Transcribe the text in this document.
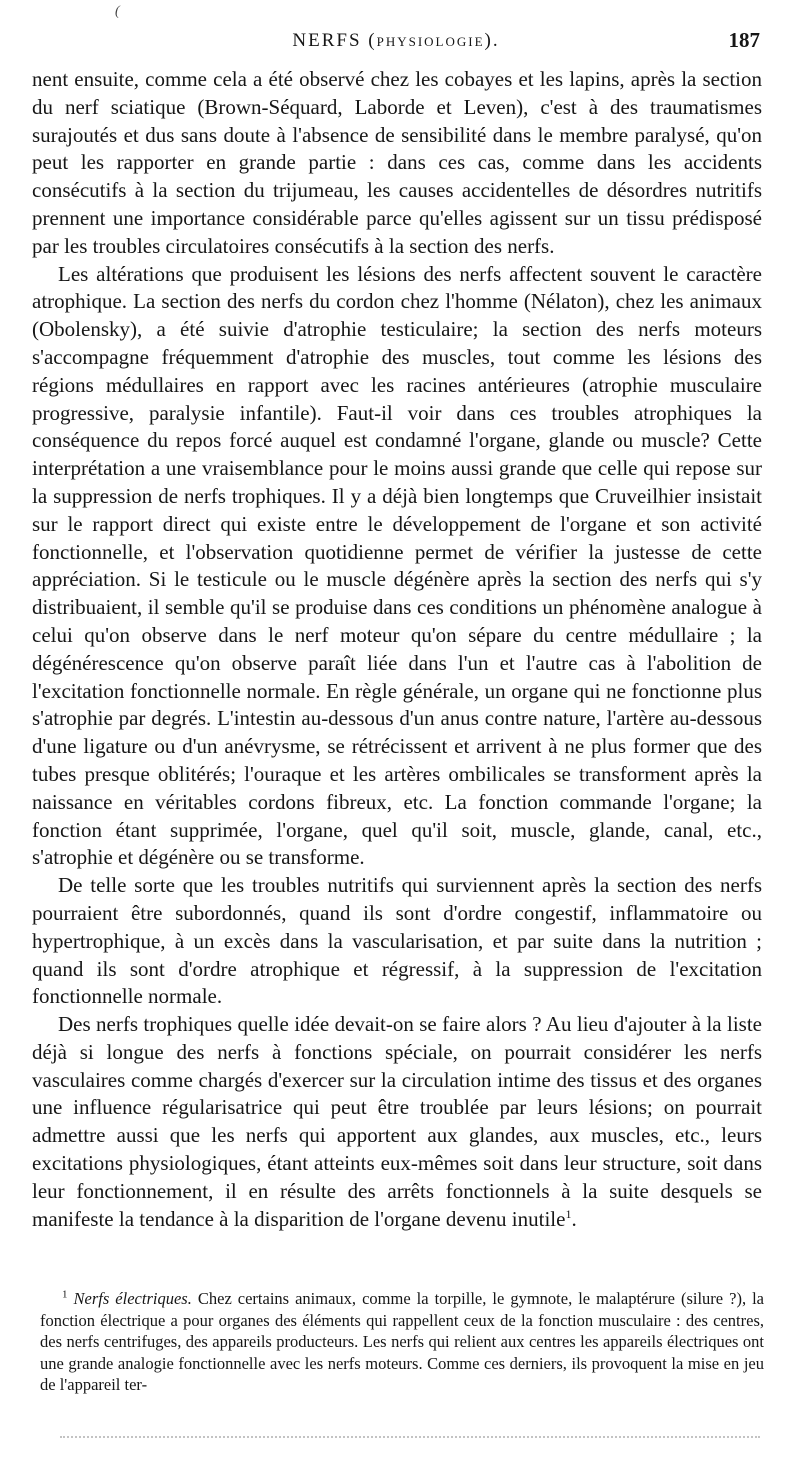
(
NERFS (PHYSIOLOGIE).	187

nent ensuite, comme cela a été observé chez les cobayes et les lapins, après la section du nerf sciatique (Brown-Séquard, Laborde et Leven), c'est à des traumatismes surajoutés et dus sans doute à l'absence de sensibilité dans le membre paralysé, qu'on peut les rapporter en grande partie : dans ces cas, comme dans les accidents consécutifs à la section du trijumeau, les causes accidentelles de désordres nutritifs prennent une importance considérable parce qu'elles agissent sur un tissu prédisposé par les troubles circulatoires consécutifs à la section des nerfs.

Les altérations que produisent les lésions des nerfs affectent souvent le caractère atrophique. La section des nerfs du cordon chez l'homme (Nélaton), chez les animaux (Obolensky), a été suivie d'atrophie testiculaire; la section des nerfs moteurs s'accompagne fréquemment d'atrophie des muscles, tout comme les lésions des régions médullaires en rapport avec les racines antérieures (atrophie musculaire progressive, paralysie infantile). Faut-il voir dans ces troubles atrophiques la conséquence du repos forcé auquel est condamné l'organe, glande ou muscle? Cette interprétation a une vraisemblance pour le moins aussi grande que celle qui repose sur la suppression de nerfs trophiques. Il y a déjà bien longtemps que Cruveilhier insistait sur le rapport direct qui existe entre le développement de l'organe et son activité fonctionnelle, et l'observation quotidienne permet de vérifier la justesse de cette appréciation. Si le testicule ou le muscle dégénère après la section des nerfs qui s'y distribuaient, il semble qu'il se produise dans ces conditions un phénomène analogue à celui qu'on observe dans le nerf moteur qu'on sépare du centre médullaire ; la dégénérescence qu'on observe paraît liée dans l'un et l'autre cas à l'abolition de l'excitation fonctionnelle normale. En règle générale, un organe qui ne fonctionne plus s'atrophie par degrés. L'intestin au-dessous d'un anus contre nature, l'artère au-dessous d'une ligature ou d'un anévrysme, se rétrécissent et arrivent à ne plus former que des tubes presque oblitérés; l'ouraque et les artères ombilicales se transforment après la naissance en véritables cordons fibreux, etc. La fonction commande l'organe; la fonction étant supprimée, l'organe, quel qu'il soit, muscle, glande, canal, etc., s'atrophie et dégénère ou se transforme.

De telle sorte que les troubles nutritifs qui surviennent après la section des nerfs pourraient être subordonnés, quand ils sont d'ordre congestif, inflammatoire ou hypertrophique, à un excès dans la vascularisation, et par suite dans la nutrition ; quand ils sont d'ordre atrophique et régressif, à la suppression de l'excitation fonctionnelle normale.

Des nerfs trophiques quelle idée devait-on se faire alors ? Au lieu d'ajouter à la liste déjà si longue des nerfs à fonctions spéciale, on pourrait considérer les nerfs vasculaires comme chargés d'exercer sur la circulation intime des tissus et des organes une influence régularisatrice qui peut être troublée par leurs lésions; on pourrait admettre aussi que les nerfs qui apportent aux glandes, aux muscles, etc., leurs excitations physiologiques, étant atteints eux-mêmes soit dans leur structure, soit dans leur fonctionnement, il en résulte des arrêts fonctionnels à la suite desquels se manifeste la tendance à la disparition de l'organe devenu inutile$^1$.

$^1$ Nerfs électriques. Chez certains animaux, comme la torpille, le gymnote, le malaptérure (silure ?), la fonction électrique a pour organes des éléments qui rappellent ceux de la fonction musculaire : des centres, des nerfs centrifuges, des appareils producteurs. Les nerfs qui relient aux centres les appareils électriques ont une grande analogie fonctionnelle avec les nerfs moteurs. Comme ces derniers, ils provoquent la mise en jeu de l'appareil ter-
